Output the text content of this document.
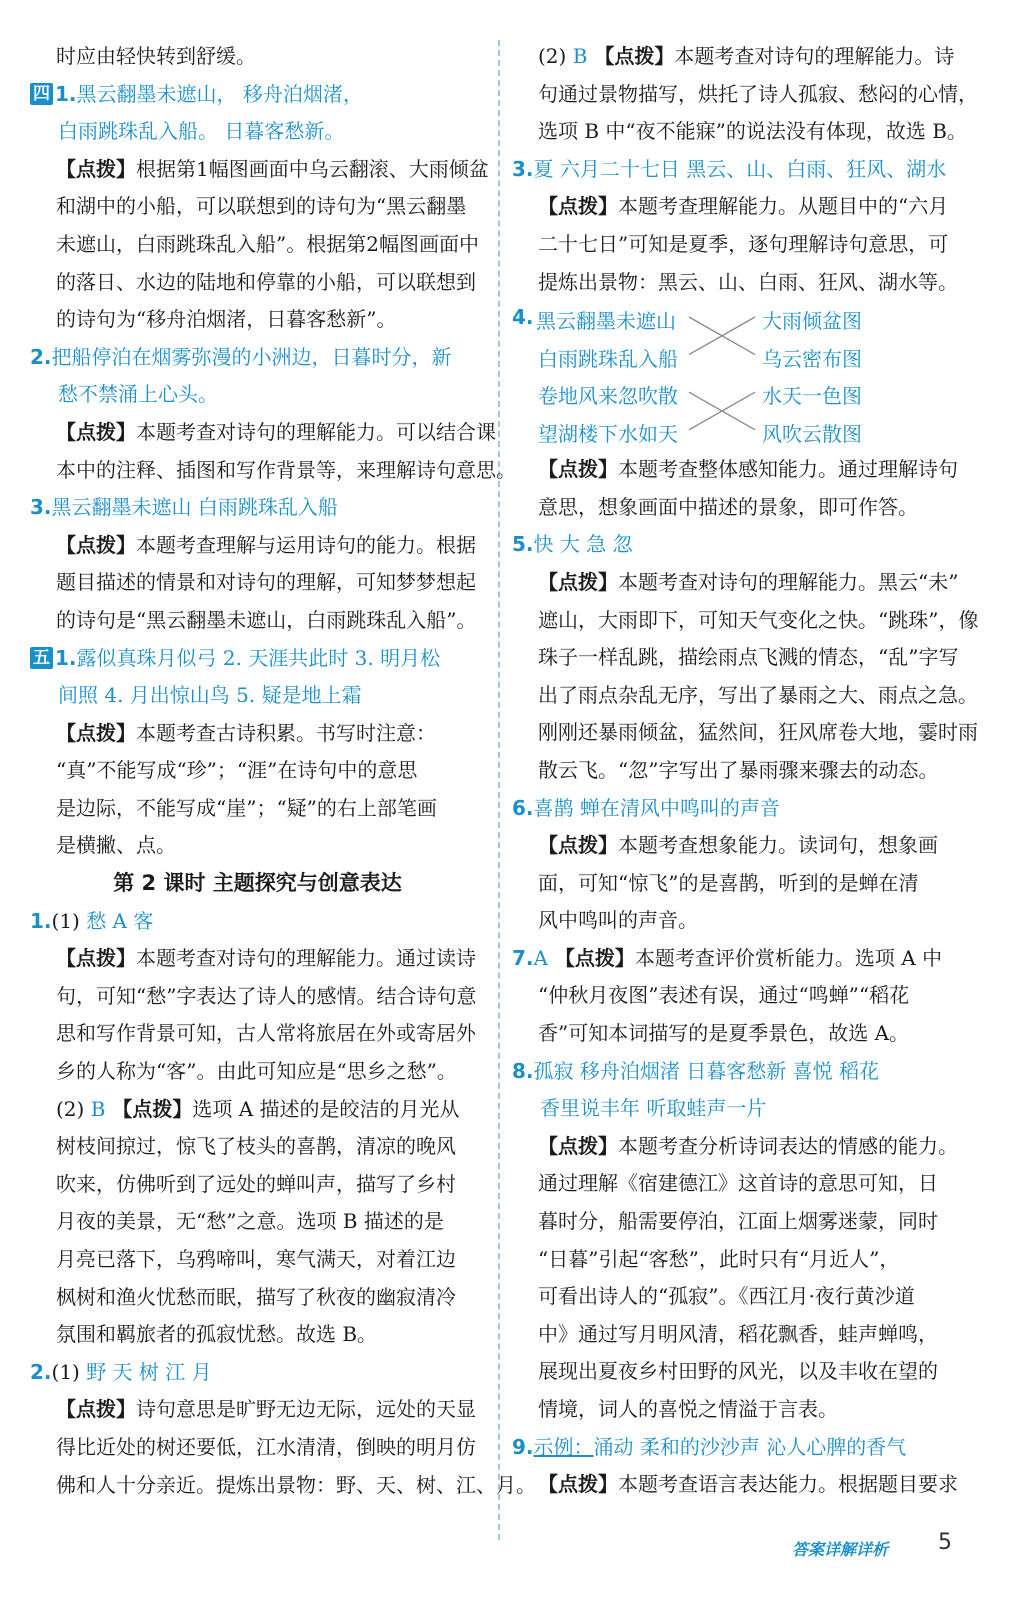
时应由轻快转到舒缓。
四 1.黑云翻墨未遮山， 移舟泊烟渚，
白雨跳珠乱入船。 日暮客愁新。
【点拨】根据第1幅图画面中乌云翻滚、大雨倾盆
和湖中的小船，可以联想到的诗句为“黑云翻墨
未遮山，白雨跳珠乱入船”。根据第2幅图画面中
的落日、水边的陆地和停靠的小船，可以联想到
的诗句为“移舟泊烟渚，日暮客愁新”。
2.把船停泊在烟雾弥漫的小洲边，日暮时分，新
愁不禁涌上心头。
【点拨】本题考查对诗句的理解能力。可以结合课
本中的注释、插图和写作背景等，来理解诗句意思。
3.黑云翻墨未遮山 白雨跳珠乱入船
【点拨】本题考查理解与运用诗句的能力。根据
题目描述的情景和对诗句的理解，可知梦梦想起
的诗句是“黑云翻墨未遮山，白雨跳珠乱入船”。
五 1.露似真珠月似弓 2. 天涯共此时 3. 明月松
间照 4. 月出惊山鸟 5. 疑是地上霜
【点拨】本题考查古诗积累。书写时注意：
“真”不能写成“珍”；“涯”在诗句中的意思
是边际，不能写成“崖”；“疑”的右上部笔画
是横撇、点。
第 2 课时 主题探究与创意表达
1.(1) 愁 A 客
【点拨】本题考查对诗句的理解能力。通过读诗
句，可知“愁”字表达了诗人的感情。结合诗句意
思和写作背景可知，古人常将旅居在外或寄居外
乡的人称为“客”。由此可知应是“思乡之愁”。
(2) B 【点拨】选项 A 描述的是皎洁的月光从
树枝间掠过，惊飞了枝头的喜鹊，清凉的晚风
吹来，仿佛听到了远处的蝉叫声，描写了乡村
月夜的美景，无“愁”之意。选项 B 描述的是
月亮已落下，乌鸦啼叫，寒气满天，对着江边
枫树和渔火忧愁而眠，描写了秋夜的幽寂清冷
氛围和羁旅者的孤寂忧愁。故选 B。
2.(1) 野 天 树 江 月
【点拨】诗句意思是旷野无边无际，远处的天显
得比近处的树还要低，江水清清，倒映的明月仿
佛和人十分亲近。提炼出景物：野、天、树、江、月。
(2) B 【点拨】本题考查对诗句的理解能力。诗
句通过景物描写，烘托了诗人孤寂、愁闷的心情，
选项 B 中“夜不能寐”的说法没有体现，故选 B。
3.夏 六月二十七日 黑云、山、白雨、狂风、湖水
【点拨】本题考查理解能力。从题目中的“六月
二十七日”可知是夏季，逐句理解诗句意思，可
提炼出景物：黑云、山、白雨、狂风、湖水等。
4. 黑云翻墨未遮山	大雨倾盆图
白雨跳珠乱入船	乌云密布图
卷地风来忽吹散	水天一色图
望湖楼下水如天	风吹云散图
【点拨】本题考查整体感知能力。通过理解诗句
意思，想象画面中描述的景象，即可作答。
5.快 大 急 忽
【点拨】本题考查对诗句的理解能力。黑云“未”
遮山，大雨即下，可知天气变化之快。“跳珠”，像
珠子一样乱跳，描绘雨点飞溅的情态，“乱”字写
出了雨点杂乱无序，写出了暴雨之大、雨点之急。
刚刚还暴雨倾盆，猛然间，狂风席卷大地，霎时雨
散云飞。“忽”字写出了暴雨骤来骤去的动态。
6.喜鹊 蝉在清风中鸣叫的声音
【点拨】本题考查想象能力。读词句，想象画
面，可知“惊飞”的是喜鹊，听到的是蝉在清
风中鸣叫的声音。
7.A 【点拨】本题考查评价赏析能力。选项 A 中
“仲秋月夜图”表述有误，通过“鸣蝉”“稻花
香”可知本词描写的是夏季景色，故选 A。
8.孤寂 移舟泊烟渚 日暮客愁新 喜悦 稻花
香里说丰年 听取蛙声一片
【点拨】本题考查分析诗词表达的情感的能力。
通过理解《宿建德江》这首诗的意思可知，日
暮时分，船需要停泊，江面上烟雾迷蒙，同时
“日暮”引起“客愁”，此时只有“月近人”，
可看出诗人的“孤寂”。《西江月·夜行黄沙道
中》通过写月明风清，稻花飘香，蛙声蝉鸣，
展现出夏夜乡村田野的风光，以及丰收在望的
情境，词人的喜悦之情溢于言表。
9.示例：涌动 柔和的沙沙声 沁人心脾的香气
【点拨】本题考查语言表达能力。根据题目要求
答案详解详析 5
